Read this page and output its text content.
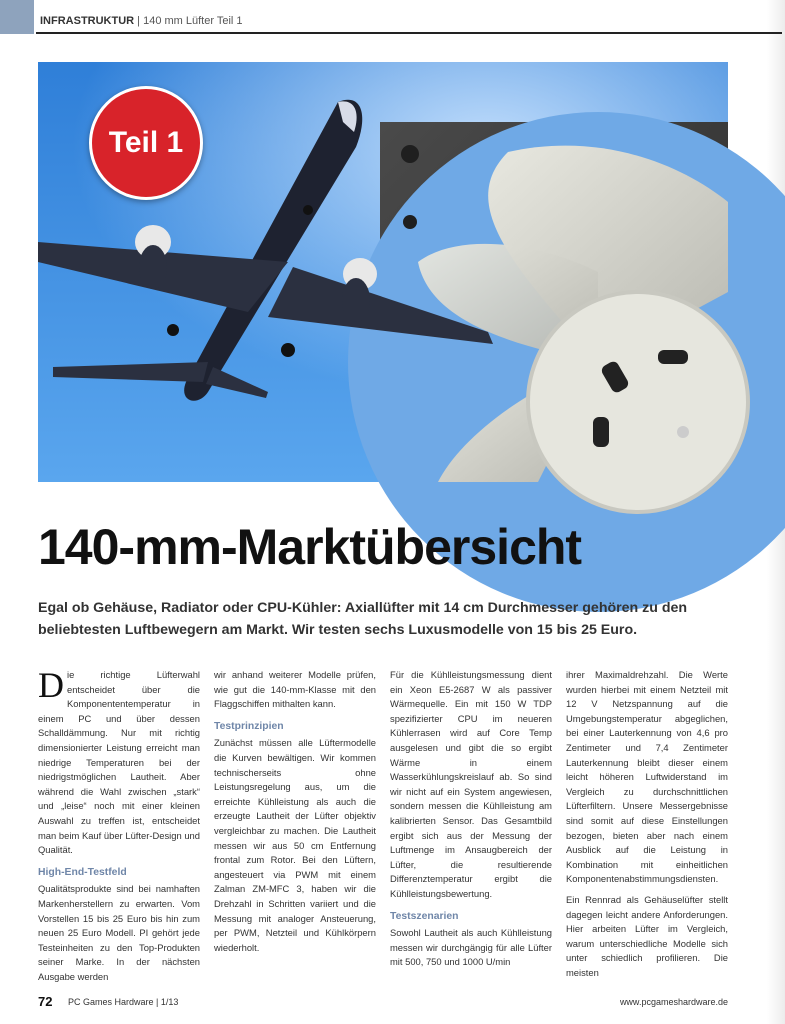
INFRASTRUKTUR | 140 mm Lüfter Teil 1
Teil 1
140-mm-Marktübersicht
Egal ob Gehäuse, Radiator oder CPU-Kühler: Axiallüfter mit 14 cm Durchmesser gehören zu den beliebtesten Luftbewegern am Markt. Wir testen sechs Luxusmodelle von 15 bis 25 Euro.

Die richtige Lüfterwahl entscheidet über die Komponententemperatur in einem PC und über dessen Schalldämmung. Nur mit richtig dimensionierter Leistung erreicht man niedrige Temperaturen bei der niedrigstmöglichen Lautheit. Aber während die Wahl zwischen „stark“ und „leise“ noch mit einer kleinen Auswahl zu treffen ist, entscheidet man beim Kauf über Lüfter-Design und Qualität.

High-End-Testfeld

Qualitätsprodukte sind bei namhaften Markenherstellern zu erwarten. Vom Vorstellen 15 bis 25 Euro bis hin zum neuen 25 Euro Modell. PI gehört jede Testeinheiten zu den Top-Produkten seiner Marke. In der nächsten Ausgabe werden

wir anhand weiterer Modelle prüfen, wie gut die 140-mm-Klasse mit den Flaggschiffen mithalten kann.

Testprinzipien

Zunächst müssen alle Lüftermodelle die Kurven bewältigen. Wir kommen technischerseits ohne Leistungsregelung aus, um die erreichte Kühlleistung als auch die erzeugte Lautheit der Lüfter objektiv vergleichbar zu machen. Die Lautheit messen wir aus 50 cm Entfernung frontal zum Rotor. Bei den Lüftern, angesteuert via PWM mit einem Zalman ZM-MFC 3, haben wir die Drehzahl in Schritten variiert und die Messung mit analoger Ansteuerung, per PWM, Netzteil und Kühlkörpern wiederholt.

Für die Kühlleistungsmessung dient ein Xeon E5-2687 W als passiver Wärmequelle. Ein mit 150 W TDP spezifizierter CPU im neueren Kühlerrasen wird auf Core Temp ausgelesen und gibt die so ergibt Wärme in einem Wasserkühlungskreislauf ab. So sind wir nicht auf ein System angewiesen, sondern messen die Kühlleistung am kalibrierten Sensor. Das Gesamtbild ergibt sich aus der Messung der Luftmenge im Ansaugbereich der Lüfter, die resultierende Differenztemperatur ergibt die Kühlleistungsbewertung.

Testszenarien

Sowohl Lautheit als auch Kühlleistung messen wir durchgängig für alle Lüfter mit 500, 750 und 1000 U/min

ihrer Maximaldrehzahl. Die Werte wurden hierbei mit einem Netzteil mit 12 V Netzspannung auf die Umgebungstemperatur abgeglichen, bei einer Lauterkennung von 4,6 pro Zentimeter und 7,4 Zentimeter Lauterkennung bleibt dieser einem leicht höheren Luftwiderstand im Vergleich zu durchschnittlichen Lüfterfiltern. Unsere Messergebnisse sind somit auf diese Einstellungen bezogen, bieten aber nach einem Ausblick auf die Leistung in Kombination mit einheitlichen Komponentenabstimmungsdiensten.

Ein Rennrad als Gehäuselüfter stellt dagegen leicht andere Anforderungen. Hier arbeiten Lüfter im Vergleich, warum unterschiedliche Modelle sich unter schiedlich profilieren. Die meisten

72 PC Games Hardware | 1/13	www.pcgameshardware.de
